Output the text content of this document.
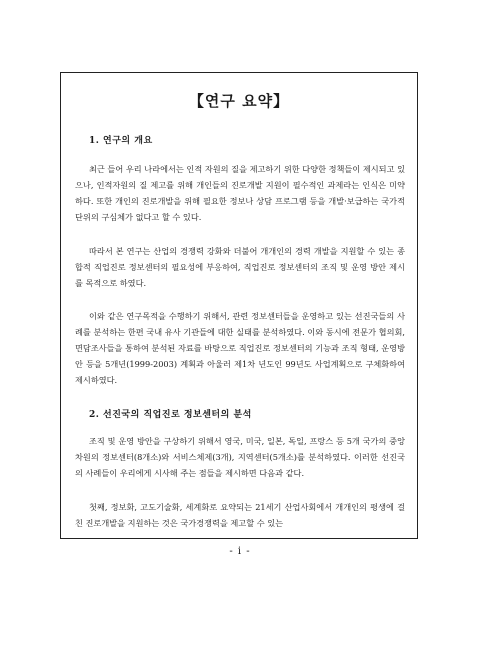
【연구 요약】
1. 연구의 개요

최근 들어 우리 나라에서는 인적 자원의 질을 제고하기 위한 다양한 정책들이 제시되고 있으나, 인적자원의 질 제고를 위해 개인들의 진로개발 지원이 필수적인 과제라는 인식은 미약하다. 또한 개인의 진로개발을 위해 필요한 정보나 상담 프로그램 등을 개발·보급하는 국가적 단위의 구심체가 없다고 할 수 있다.

따라서 본 연구는 산업의 경쟁력 강화와 더불어 개개인의 경력 개발을 지원할 수 있는 종합적 직업진로 정보센터의 필요성에 부응하여, 직업진로 정보센터의 조직 및 운영 방안 제시를 목적으로 하였다.

이와 같은 연구목적을 수행하기 위해서, 관련 정보센터들을 운영하고 있는 선진국들의 사례를 분석하는 한편 국내 유사 기관들에 대한 실태를 분석하였다. 이와 동시에 전문가 협의회, 면담조사들을 통하여 분석된 자료를 바탕으로 직업진로 정보센터의 기능과 조직 형태, 운영방안 등을 5개년(1999-2003) 계획과 아울러 제1차 년도인 99년도 사업계획으로 구체화하여 제시하였다.

2. 선진국의 직업진로 정보센터의 분석

조직 및 운영 방안을 구상하기 위해서 영국, 미국, 일본, 독일, 프랑스 등 5개 국가의 중앙차원의 정보센터(8개소)와 서비스체제(3개), 지역센터(5개소)를 분석하였다. 이러한 선진국의 사례들이 우리에게 시사해 주는 점들을 제시하면 다음과 같다.

첫째, 정보화, 고도기술화, 세계화로 요약되는 21세기 산업사회에서 개개인의 평생에 걸친 진로개발을 지원하는 것은 국가경쟁력을 제고할 수 있는

- i -
